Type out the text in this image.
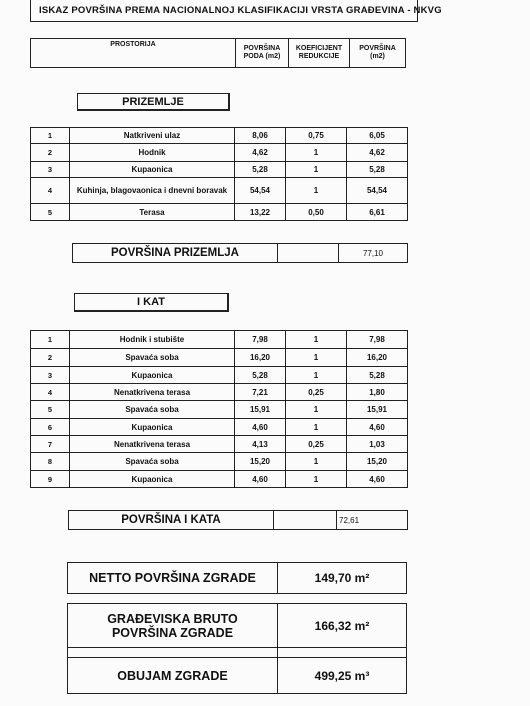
ISKAZ POVRŠINA PREMA NACIONALNOJ KLASIFIKACIJI VRSTA GRAĐEVINA - NKVG
PROSTORIJA	POVRŠINA PODA (m2)	KOEFICIJENT REDUKCIJE	POVRŠINA (m2)
PRIZEMLJE
1	Natkriveni ulaz	8,06	0,75	6,05
2	Hodnik	4,62	1	4,62
3	Kupaonica	5,28	1	5,28
4	Kuhinja, blagovaonica i dnevni boravak	54,54	1	54,54
5	Terasa	13,22	0,50	6,61
POVRŠINA PRIZEMLJA		77,10
I KAT
1	Hodnik i stubište	7,98	1	7,98
2	Spavaća soba	16,20	1	16,20
3	Kupaonica	5,28	1	5,28
4	Nenatkrivena terasa	7,21	0,25	1,80
5	Spavaća soba	15,91	1	15,91
6	Kupaonica	4,60	1	4,60
7	Nenatkrivena terasa	4,13	0,25	1,03
8	Spavaća soba	15,20	1	15,20
9	Kupaonica	4,60	1	4,60
POVRŠINA I KATA		72,61
NETTO POVRŠINA ZGRADE	149,70 m²

GRAĐEVISKA BRUTO
POVRŠINA ZGRADE	166,32 m²

OBUJAM ZGRADE	499,25 m³
